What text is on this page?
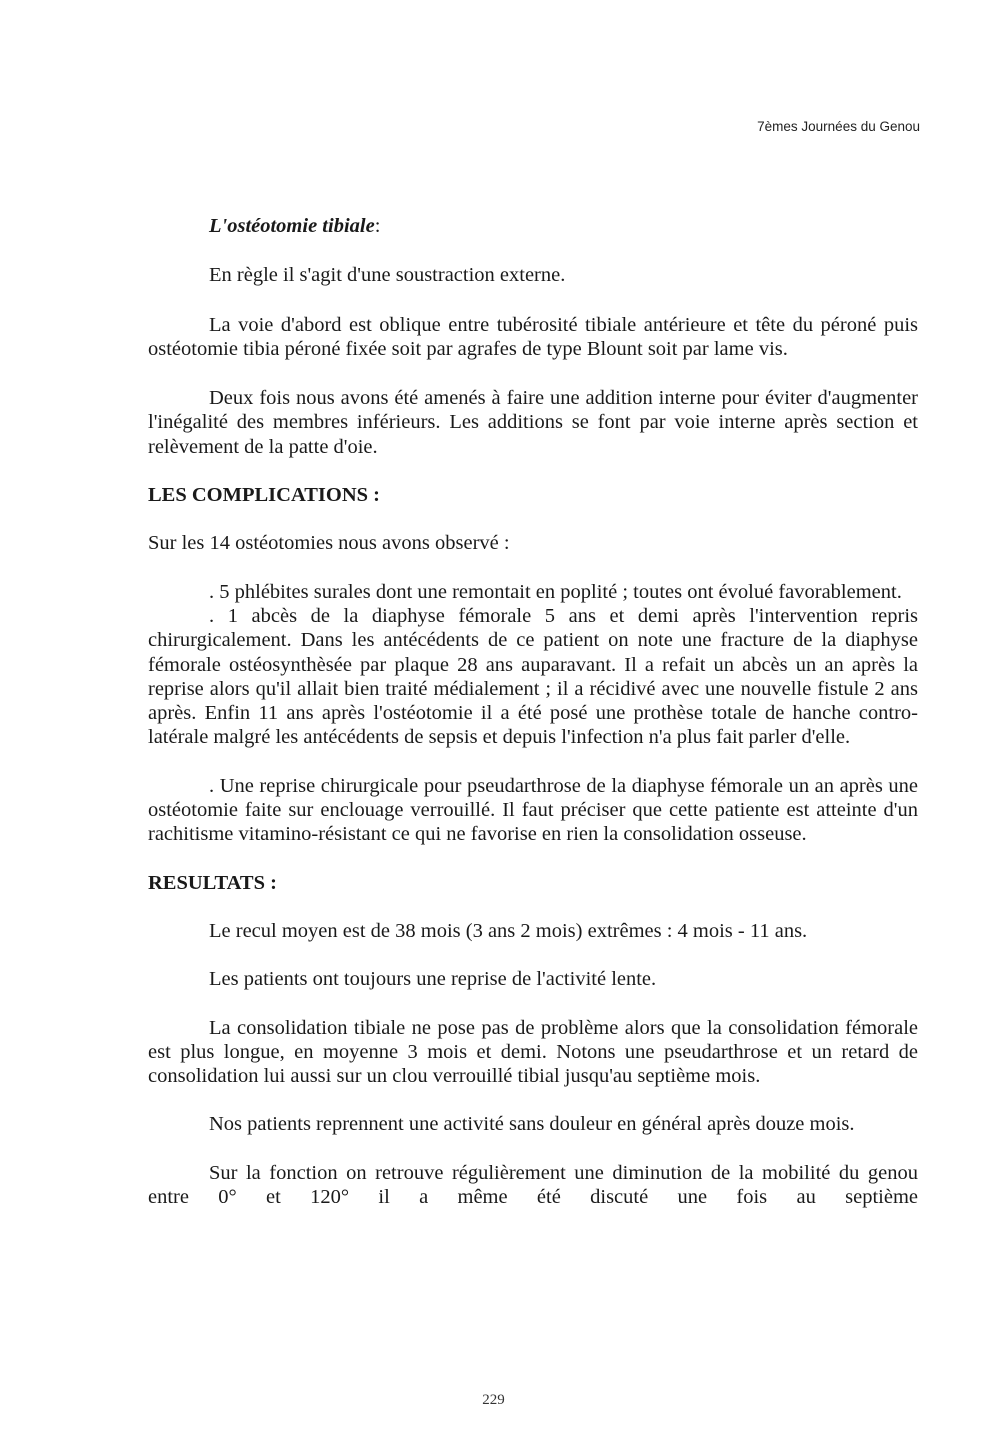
7èmes Journées du Genou

L'ostéotomie tibiale:

En règle il s'agit d'une soustraction externe.

La voie d'abord est oblique entre tubérosité tibiale antérieure et tête du péroné puis ostéotomie tibia péroné fixée soit par agrafes de type Blount soit par lame vis.

Deux fois nous avons été amenés à faire une addition interne pour éviter d'augmenter l'inégalité des membres inférieurs. Les additions se font par voie interne après section et relèvement de la patte d'oie.

LES COMPLICATIONS :

Sur les 14 ostéotomies nous avons observé :

. 5 phlébites surales dont une remontait en poplité ; toutes ont évolué favorablement.

. 1 abcès de la diaphyse fémorale 5 ans et demi après l'intervention repris chirurgicalement. Dans les antécédents de ce patient on note une fracture de la diaphyse fémorale ostéosynthèsée par plaque 28 ans auparavant. Il a refait un abcès un an après la reprise alors qu'il allait bien traité médialement ; il a récidivé avec une nouvelle fistule 2 ans après. Enfin 11 ans après l'ostéotomie il a été posé une prothèse totale de hanche contro-latérale malgré les antécédents de sepsis et depuis l'infection n'a plus fait parler d'elle.

. Une reprise chirurgicale pour pseudarthrose de la diaphyse fémorale un an après une ostéotomie faite sur enclouage verrouillé. Il faut préciser que cette patiente est atteinte d'un rachitisme vitamino-résistant ce qui ne favorise en rien la consolidation osseuse.

RESULTATS :

Le recul moyen est de 38 mois (3 ans 2 mois) extrêmes : 4 mois - 11 ans.

Les patients ont toujours une reprise de l'activité lente.

La consolidation tibiale ne pose pas de problème alors que la consolidation fémorale est plus longue, en moyenne 3 mois et demi. Notons une pseudarthrose et un retard de consolidation lui aussi sur un clou verrouillé tibial jusqu'au septième mois.

Nos patients reprennent une activité sans douleur en général après douze mois.

Sur la fonction on retrouve régulièrement une diminution de la mobilité du genou entre 0° et 120° il a même été discuté une fois au septième

229
